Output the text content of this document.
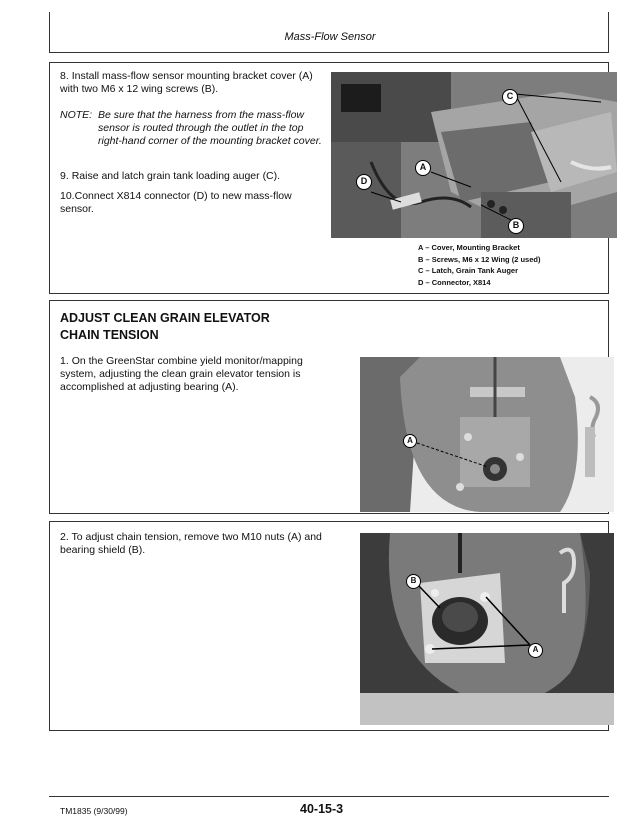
Mass-Flow Sensor
8. Install mass-flow sensor mounting bracket cover (A) with two M6 x 12 wing screws (B).
NOTE: Be sure that the harness from the mass-flow sensor is routed through the outlet in the top right-hand corner of the mounting bracket cover.
9. Raise and latch grain tank loading auger (C).
10.Connect X814 connector (D) to new mass-flow sensor.
C
A
D
B
A – Cover, Mounting Bracket
B – Screws, M6 x 12 Wing (2 used)
C – Latch, Grain Tank Auger
D – Connector, X814
ADJUST CLEAN GRAIN ELEVATOR
CHAIN TENSION
1. On the GreenStar combine yield monitor/mapping system, adjusting the clean grain elevator tension is accomplished at adjusting bearing (A).
A
2. To adjust chain tension, remove two M10 nuts (A) and bearing shield (B).
B
A
TM1835 (9/30/99)	40-15-3
